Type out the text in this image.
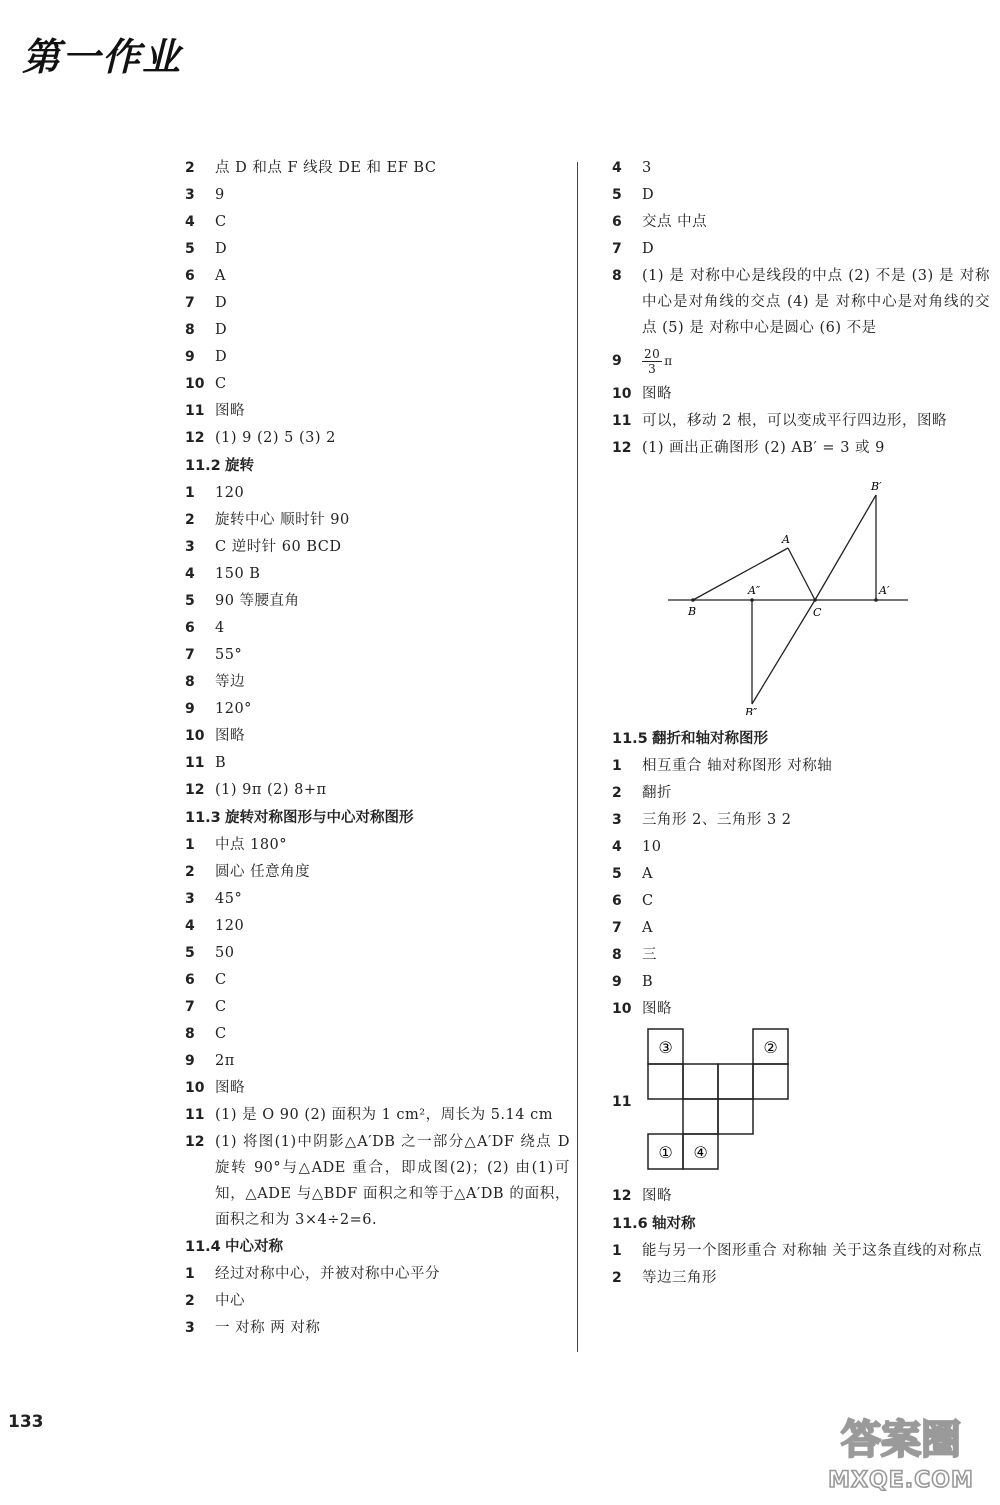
第一作业
2	点 D 和点 F 线段 DE 和 EF BC
3	9
4	C
5	D
6	A
7	D
8	D
9	D
10 C
11 图略
12 (1) 9 (2) 5 (3) 2
11.2 旋转
1	120
2	旋转中心 顺时针 90
3	C 逆时针 60 BCD
4	150 B
5	90 等腰直角
6	4
7	55°
8	等边
9	120°
10 图略
11 B
12 (1) 9π (2) 8+π
11.3 旋转对称图形与中心对称图形
1	中点 180°
2	圆心 任意角度
3	45°
4	120
5	50
6	C
7	C
8	C
9	2π
10 图略
11 (1) 是 O 90 (2) 面积为 1 cm²，周长为 5.14 cm
12 (1) 将图(1)中阴影△A′DB 之一部分△A′DF 绕点 D 旋转 90°与△ADE 重合，即成图(2)；(2) 由(1)可知，△ADE 与△BDF 面积之和等于△A′DB 的面积，面积之和为 3×4÷2=6.
11.4 中心对称
1	经过对称中心，并被对称中心平分
2	中心
3	一 对称 两 对称
4	3
5	D
6	交点 中点
7	D
8	(1) 是 对称中心是线段的中点 (2) 不是 (3) 是 对称中心是对角线的交点 (4) 是 对称中心是对角线的交点 (5) 是 对称中心是圆心 (6) 不是
9	$\frac{20}{3}$ π
10 图略
11 可以，移动 2 根，可以变成平行四边形，图略
12 (1) 画出正确图形 (2) AB′ = 3 或 9
B′
A
A″	A′
B	C
B″
11.5 翻折和轴对称图形
1	相互重合 轴对称图形 对称轴
2	翻折
3	三角形 2、三角形 3 2
4	10
5	A
6	C
7	A
8	三
9	B
10 图略
11
③	②
① ④
12 图略
11.6 轴对称
1	能与另一个图形重合 对称轴 关于这条直线的对称点
2	等边三角形
133	答案圈
MXQE.COM
